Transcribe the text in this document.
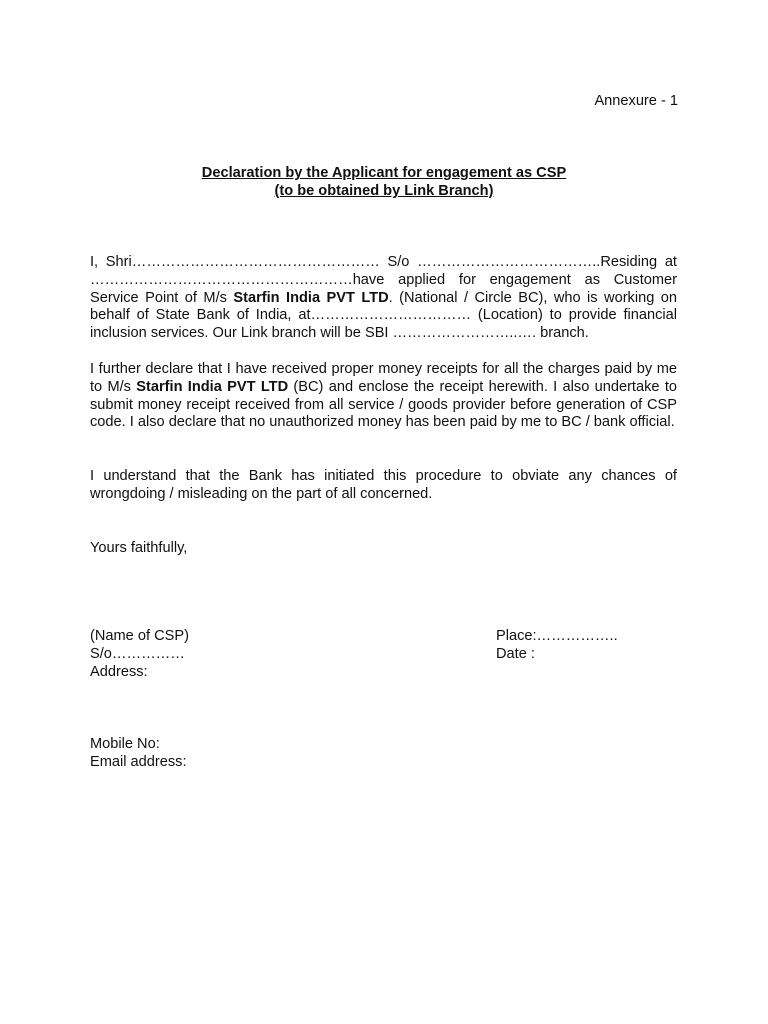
Annexure - 1
Declaration by the Applicant for engagement as CSP
(to be obtained by Link Branch)

I, Shri…………………………………………… S/o ………………………………..Residing at ………………………………………………have applied for engagement as Customer Service Point of M/s Starfin India PVT LTD. (National / Circle BC), who is working on behalf of State Bank of India, at…………………………… (Location) to provide financial inclusion services. Our Link branch will be SBI ……………………..…. branch.

I further declare that I have received proper money receipts for all the charges paid by me to M/s Starfin India PVT LTD (BC) and enclose the receipt herewith. I also undertake to submit money receipt received from all service / goods provider before generation of CSP code. I also declare that no unauthorized money has been paid by me to BC / bank official.

I understand that the Bank has initiated this procedure to obviate any chances of wrongdoing / misleading on the part of all concerned.

Yours faithfully,
(Name of CSP)
S/o……………
Address:
Place:……………..
Date :
Mobile No:
Email address:
